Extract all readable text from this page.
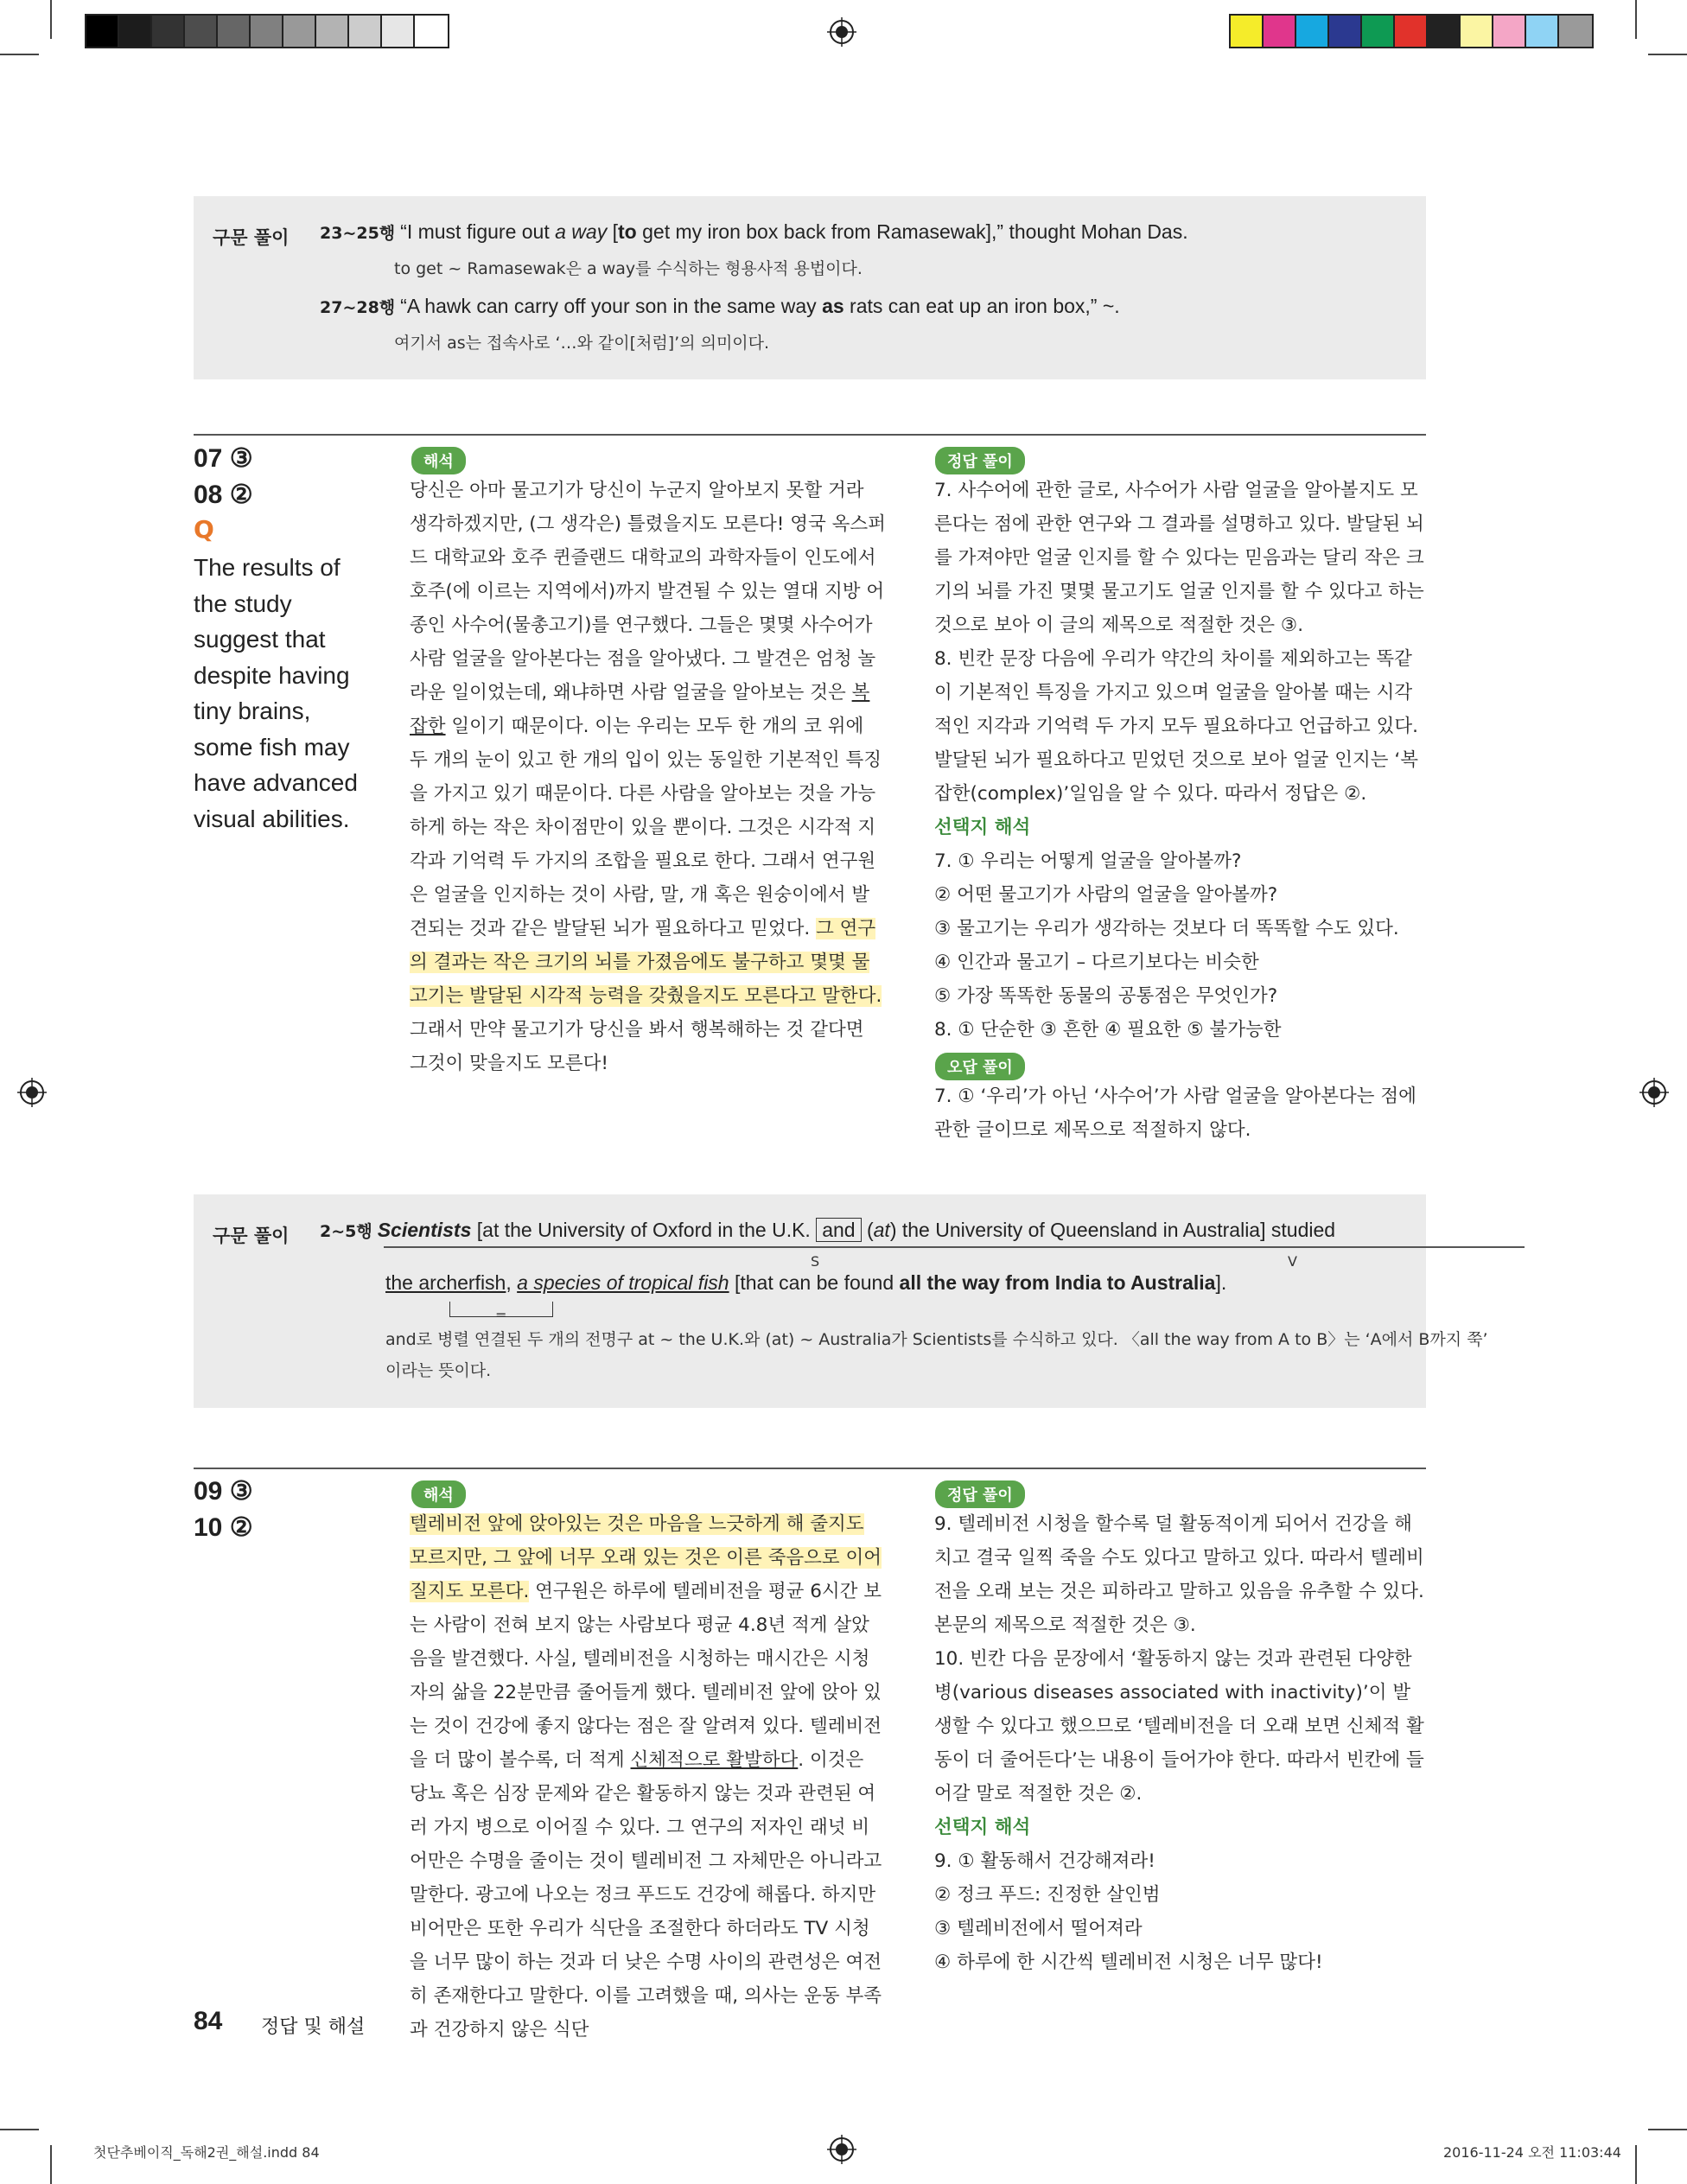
구문 풀이 23~25행 “I must figure out a way [to get my iron box back from Ramasewak],” thought Mohan Das.
to get ~ Ramasewak은 a way를 수식하는 형용사적 용법이다.
27~28행 “A hawk can carry off your son in the same way as rats can eat up an iron box,” ~.
여기서 as는 접속사로 ‘…와 같이[처럼]’의 의미이다.
07 ③
08 ②
Q
The results of the study suggest that despite having tiny brains, some fish may have advanced visual abilities.
해석

당신은 아마 물고기가 당신이 누군지 알아보지 못할 거라 생각하겠지만, (그 생각은) 틀렸을지도 모른다! 영국 옥스퍼드 대학교와 호주 퀸즐랜드 대학교의 과학자들이 인도에서 호주(에 이르는 지역에서)까지 발견될 수 있는 열대 지방 어종인 사수어(물총고기)를 연구했다. 그들은 몇몇 사수어가 사람 얼굴을 알아본다는 점을 알아냈다. 그 발견은 엄청 놀라운 일이었는데, 왜냐하면 사람 얼굴을 알아보는 것은 복잡한 일이기 때문이다. 이는 우리는 모두 한 개의 코 위에 두 개의 눈이 있고 한 개의 입이 있는 동일한 기본적인 특징을 가지고 있기 때문이다. 다른 사람을 알아보는 것을 가능하게 하는 작은 차이점만이 있을 뿐이다. 그것은 시각적 지각과 기억력 두 가지의 조합을 필요로 한다. 그래서 연구원은 얼굴을 인지하는 것이 사람, 말, 개 혹은 원숭이에서 발견되는 것과 같은 발달된 뇌가 필요하다고 믿었다. 그 연구의 결과는 작은 크기의 뇌를 가졌음에도 불구하고 몇몇 물고기는 발달된 시각적 능력을 갖췄을지도 모른다고 말한다. 그래서 만약 물고기가 당신을 봐서 행복해하는 것 같다면 그것이 맞을지도 모른다!

정답 풀이

7. 사수어에 관한 글로, 사수어가 사람 얼굴을 알아볼지도 모른다는 점에 관한 연구와 그 결과를 설명하고 있다. 발달된 뇌를 가져야만 얼굴 인지를 할 수 있다는 믿음과는 달리 작은 크기의 뇌를 가진 몇몇 물고기도 얼굴 인지를 할 수 있다고 하는 것으로 보아 이 글의 제목으로 적절한 것은 ③.

8. 빈칸 문장 다음에 우리가 약간의 차이를 제외하고는 똑같이 기본적인 특징을 가지고 있으며 얼굴을 알아볼 때는 시각적인 지각과 기억력 두 가지 모두 필요하다고 언급하고 있다. 발달된 뇌가 필요하다고 믿었던 것으로 보아 얼굴 인지는 ‘복잡한(complex)’일임을 알 수 있다. 따라서 정답은 ②.

선택지 해석

7. ① 우리는 어떻게 얼굴을 알아볼까?

② 어떤 물고기가 사람의 얼굴을 알아볼까?

③ 물고기는 우리가 생각하는 것보다 더 똑똑할 수도 있다.

④ 인간과 물고기 – 다르기보다는 비슷한

⑤ 가장 똑똑한 동물의 공통점은 무엇인가?

8. ① 단순한 ③ 흔한 ④ 필요한 ⑤ 불가능한

오답 풀이
7. ① ‘우리’가 아닌 ‘사수어’가 사람 얼굴을 알아본다는 점에 관한 글이므로 제목으로 적절하지 않다.
구문 풀이 2~5행 Scientists [at the University of Oxford in the U.K. and (at) the University of Queensland in Australia] studied
S	V
the archerfish, a species of tropical fish [that can be found all the way from India to Australia].
=
and로 병렬 연결된 두 개의 전명구 at ~ the U.K.와 (at) ~ Australia가 Scientists를 수식하고 있다. 〈all the way from A to B〉는 ‘A에서 B까지 쭉’
이라는 뜻이다.
09 ③
10 ②
해석

텔레비전 앞에 앉아있는 것은 마음을 느긋하게 해 줄지도 모르지만, 그 앞에 너무 오래 있는 것은 이른 죽음으로 이어질지도 모른다. 연구원은 하루에 텔레비전을 평균 6시간 보는 사람이 전혀 보지 않는 사람보다 평균 4.8년 적게 살았음을 발견했다. 사실, 텔레비전을 시청하는 매시간은 시청자의 삶을 22분만큼 줄어들게 했다. 텔레비전 앞에 앉아 있는 것이 건강에 좋지 않다는 점은 잘 알려져 있다. 텔레비전을 더 많이 볼수록, 더 적게 신체적으로 활발하다. 이것은 당뇨 혹은 심장 문제와 같은 활동하지 않는 것과 관련된 여러 가지 병으로 이어질 수 있다. 그 연구의 저자인 래넛 비어만은 수명을 줄이는 것이 텔레비전 그 자체만은 아니라고 말한다. 광고에 나오는 정크 푸드도 건강에 해롭다. 하지만 비어만은 또한 우리가 식단을 조절한다 하더라도 TV 시청을 너무 많이 하는 것과 더 낮은 수명 사이의 관련성은 여전히 존재한다고 말한다. 이를 고려했을 때, 의사는 운동 부족과 건강하지 않은 식단

정답 풀이

9. 텔레비전 시청을 할수록 덜 활동적이게 되어서 건강을 해치고 결국 일찍 죽을 수도 있다고 말하고 있다. 따라서 텔레비전을 오래 보는 것은 피하라고 말하고 있음을 유추할 수 있다. 본문의 제목으로 적절한 것은 ③.

10. 빈칸 다음 문장에서 ‘활동하지 않는 것과 관련된 다양한 병(various diseases associated with inactivity)’이 발생할 수 있다고 했으므로 ‘텔레비전을 더 오래 보면 신체적 활동이 더 줄어든다’는 내용이 들어가야 한다. 따라서 빈칸에 들어갈 말로 적절한 것은 ②.

선택지 해석

9. ① 활동해서 건강해져라!

② 정크 푸드: 진정한 살인범

③ 텔레비전에서 떨어져라

④ 하루에 한 시간씩 텔레비전 시청은 너무 많다!

84 정답 및 해설
첫단추베이직_독해2권_해설.indd 84	2016-11-24 오전 11:03:44
